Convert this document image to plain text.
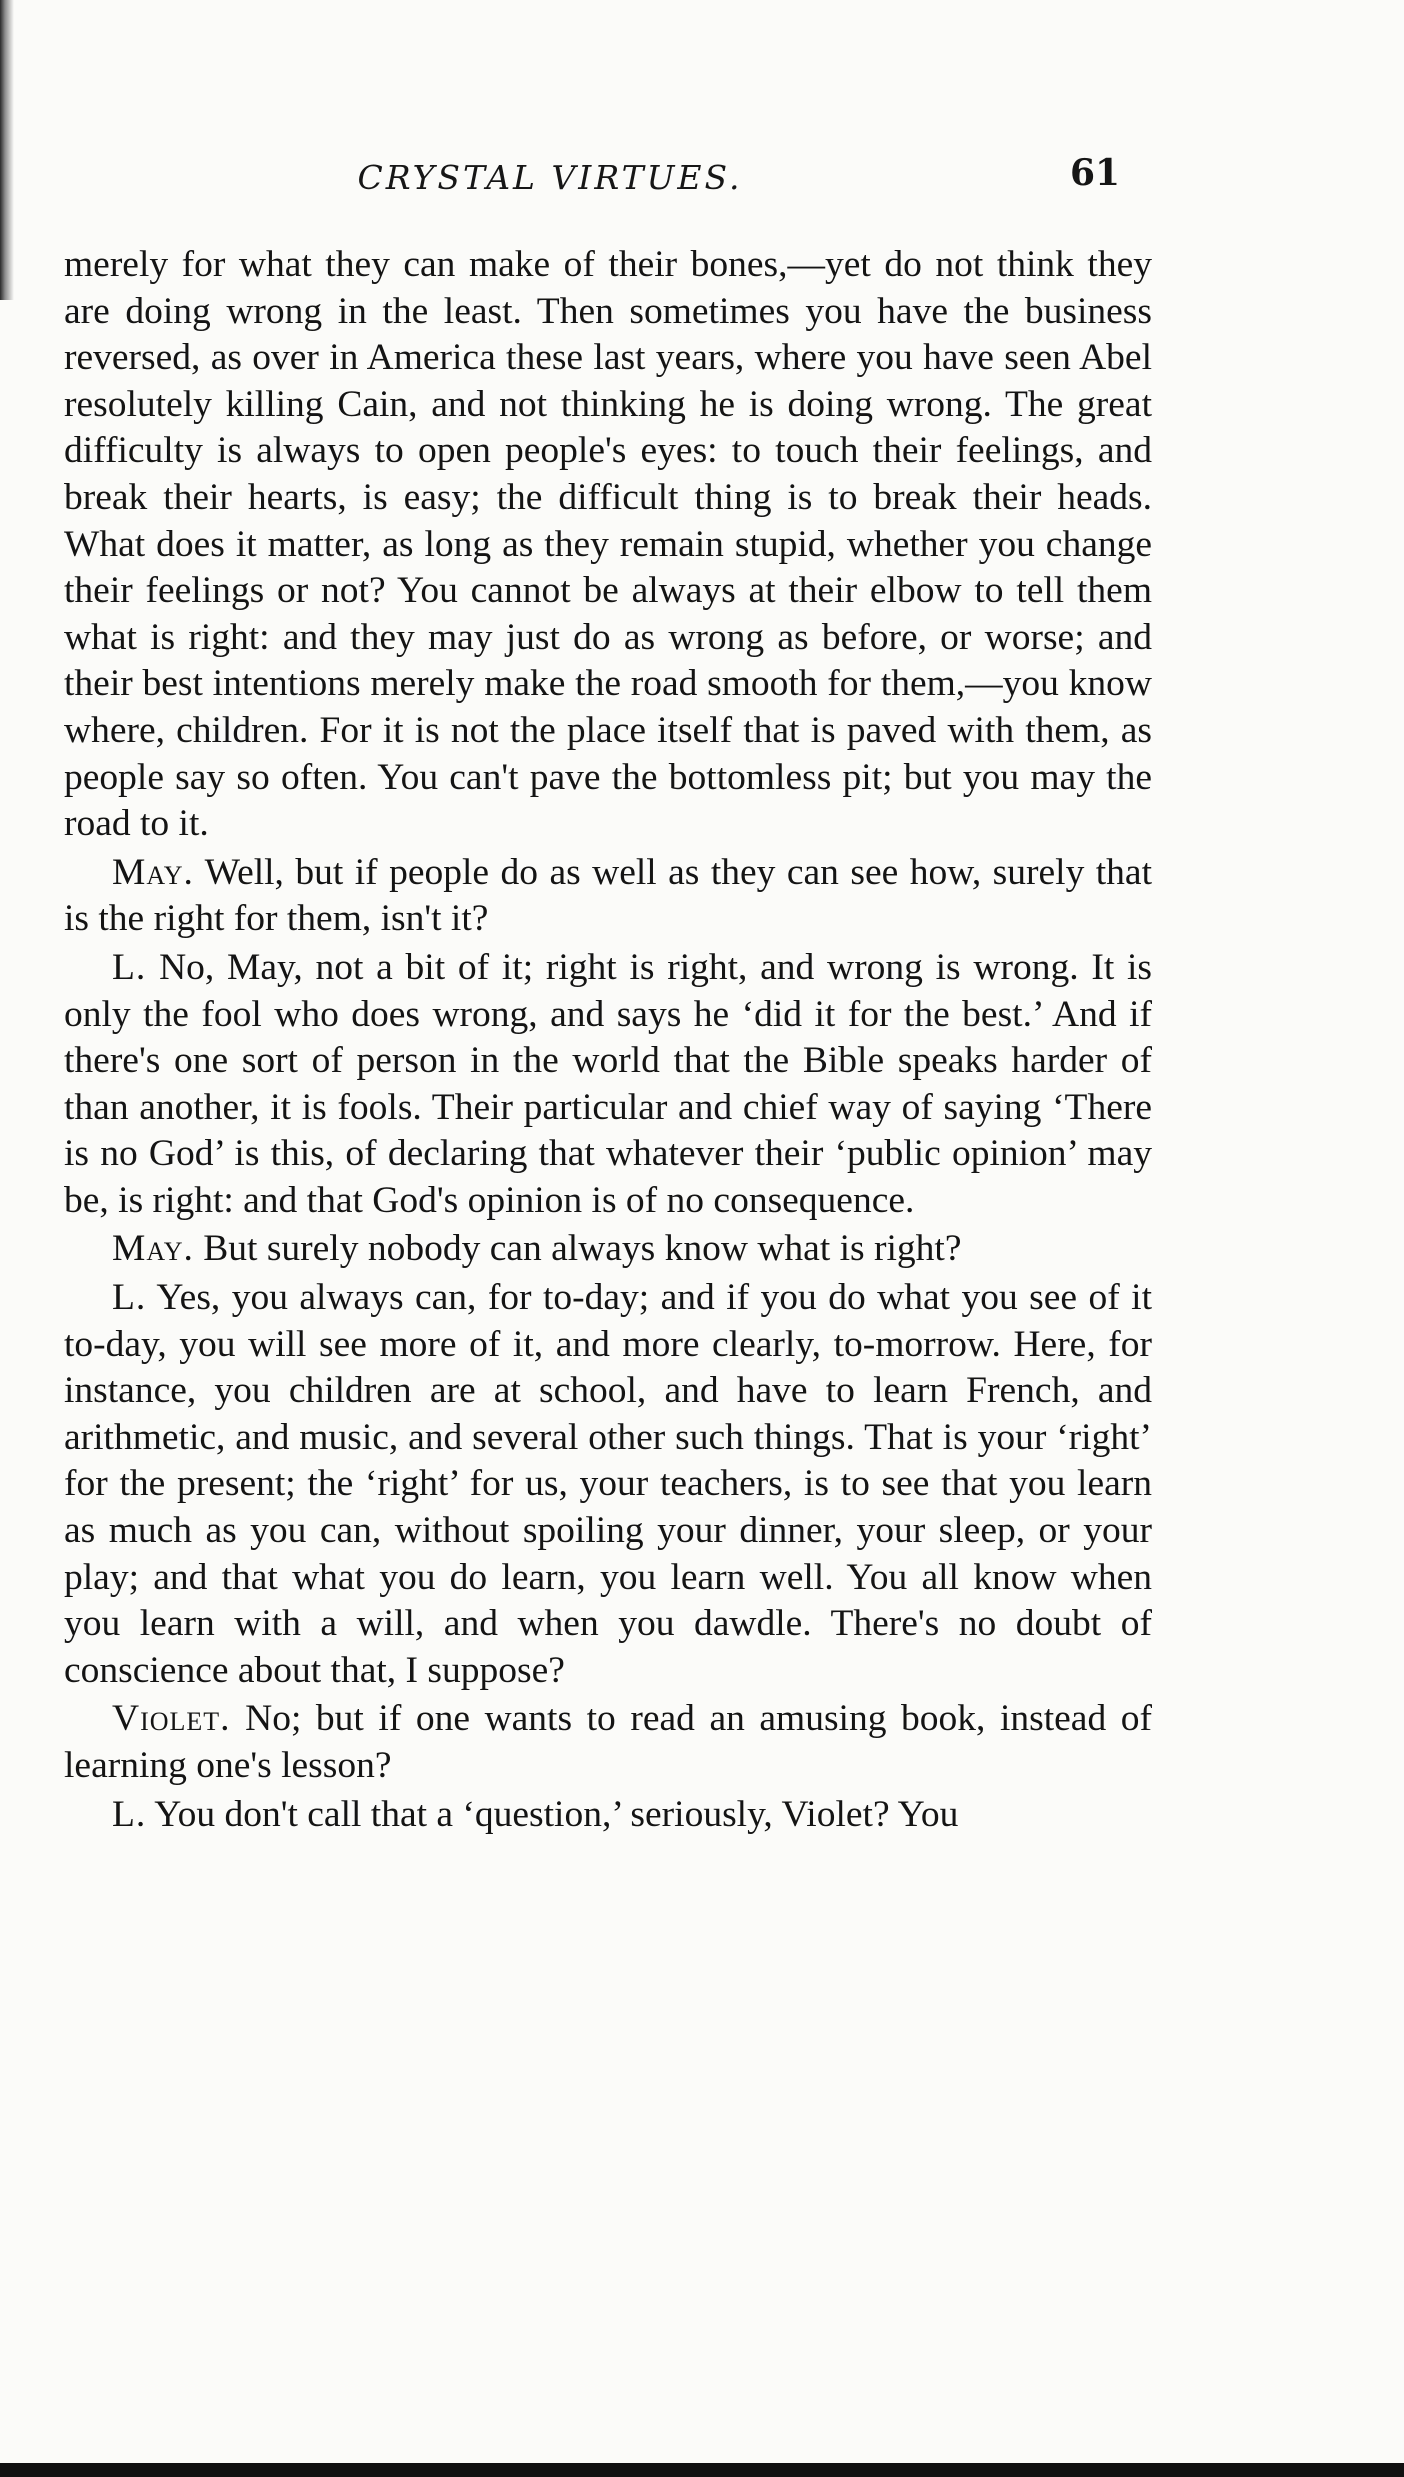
CRYSTAL VIRTUES.	61

merely for what they can make of their bones,—yet do not think they are doing wrong in the least. Then sometimes you have the business reversed, as over in America these last years, where you have seen Abel resolutely killing Cain, and not thinking he is doing wrong. The great difficulty is always to open people's eyes: to touch their feelings, and break their hearts, is easy; the difficult thing is to break their heads. What does it matter, as long as they remain stupid, whether you change their feelings or not? You cannot be always at their elbow to tell them what is right: and they may just do as wrong as before, or worse; and their best intentions merely make the road smooth for them,—you know where, children. For it is not the place itself that is paved with them, as people say so often. You can't pave the bottomless pit; but you may the road to it.

May. Well, but if people do as well as they can see how, surely that is the right for them, isn't it?

L. No, May, not a bit of it; right is right, and wrong is wrong. It is only the fool who does wrong, and says he ‘did it for the best.’ And if there's one sort of person in the world that the Bible speaks harder of than another, it is fools. Their particular and chief way of saying ‘There is no God’ is this, of declaring that whatever their ‘public opinion’ may be, is right: and that God's opinion is of no consequence.

May. But surely nobody can always know what is right?

L. Yes, you always can, for to-day; and if you do what you see of it to-day, you will see more of it, and more clearly, to-morrow. Here, for instance, you children are at school, and have to learn French, and arithmetic, and music, and several other such things. That is your ‘right’ for the present; the ‘right’ for us, your teachers, is to see that you learn as much as you can, without spoiling your dinner, your sleep, or your play; and that what you do learn, you learn well. You all know when you learn with a will, and when you dawdle. There's no doubt of conscience about that, I suppose?

Violet. No; but if one wants to read an amusing book, instead of learning one's lesson?

L. You don't call that a ‘question,’ seriously, Violet? You
